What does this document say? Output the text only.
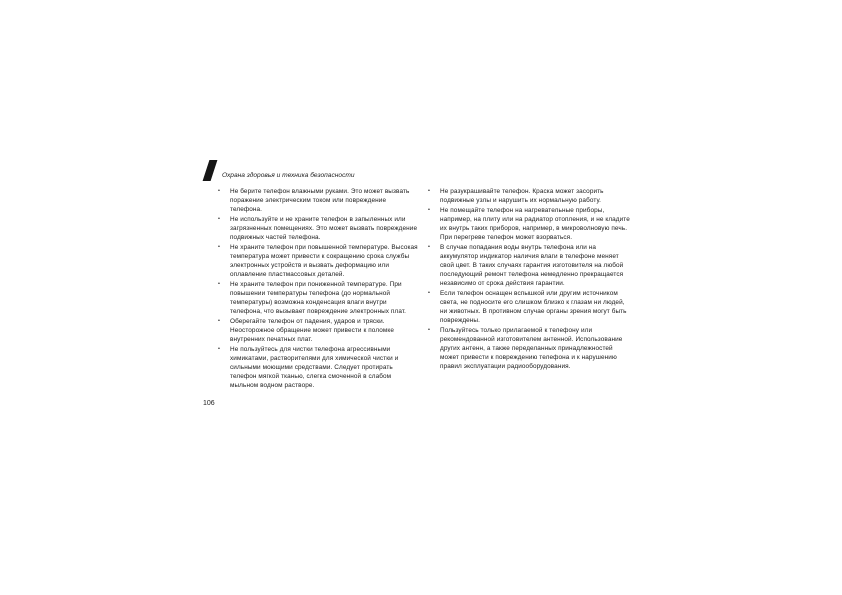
Охрана здоровья и техника безопасности
•	Не берите телефон влажными руками. Это может вызвать поражение электрическим током или повреждение телефона.
•	Не используйте и не храните телефон в запыленных или загрязненных помещениях. Это может вызвать повреждение подвижных частей телефона.
•	Не храните телефон при повышенной температуре. Высокая температура может привести к сокращению срока службы электронных устройств и вызвать деформацию или оплавление пластмассовых деталей.
•	Не храните телефон при пониженной температуре. При повышении температуры телефона (до нормальной температуры) возможна конденсация влаги внутри телефона, что вызывает повреждение электронных плат.
•	Оберегайте телефон от падения, ударов и тряски. Неосторожное обращение может привести к поломке внутренних печатных плат.
•	Не пользуйтесь для чистки телефона агрессивными химикатами, растворителями для химической чистки и сильными моющими средствами. Следует протирать телефон мягкой тканью, слегка смоченной в слабом мыльном водном растворе.
•	Не разукрашивайте телефон. Краска может засорить подвижные узлы и нарушить их нормальную работу.
•	Не помещайте телефон на нагревательные приборы, например, на плиту или на радиатор отопления, и не кладите их внутрь таких приборов, например, в микроволновую печь. При перегреве телефон может взорваться.
•	В случае попадания воды внутрь телефона или на аккумулятор индикатор наличия влаги в телефоне меняет свой цвет. В таких случаях гарантия изготовителя на любой последующий ремонт телефона немедленно прекращается независимо от срока действия гарантии.
•	Если телефон оснащен вспышкой или другим источником света, не подносите его слишком близко к глазам ни людей, ни животных. В противном случае органы зрения могут быть повреждены.
•	Пользуйтесь только прилагаемой к телефону или рекомендованной изготовителем антенной. Использование других антенн, а также переделанных принадлежностей может привести к повреждению телефона и к нарушению правил эксплуатации радиооборудования.
106
